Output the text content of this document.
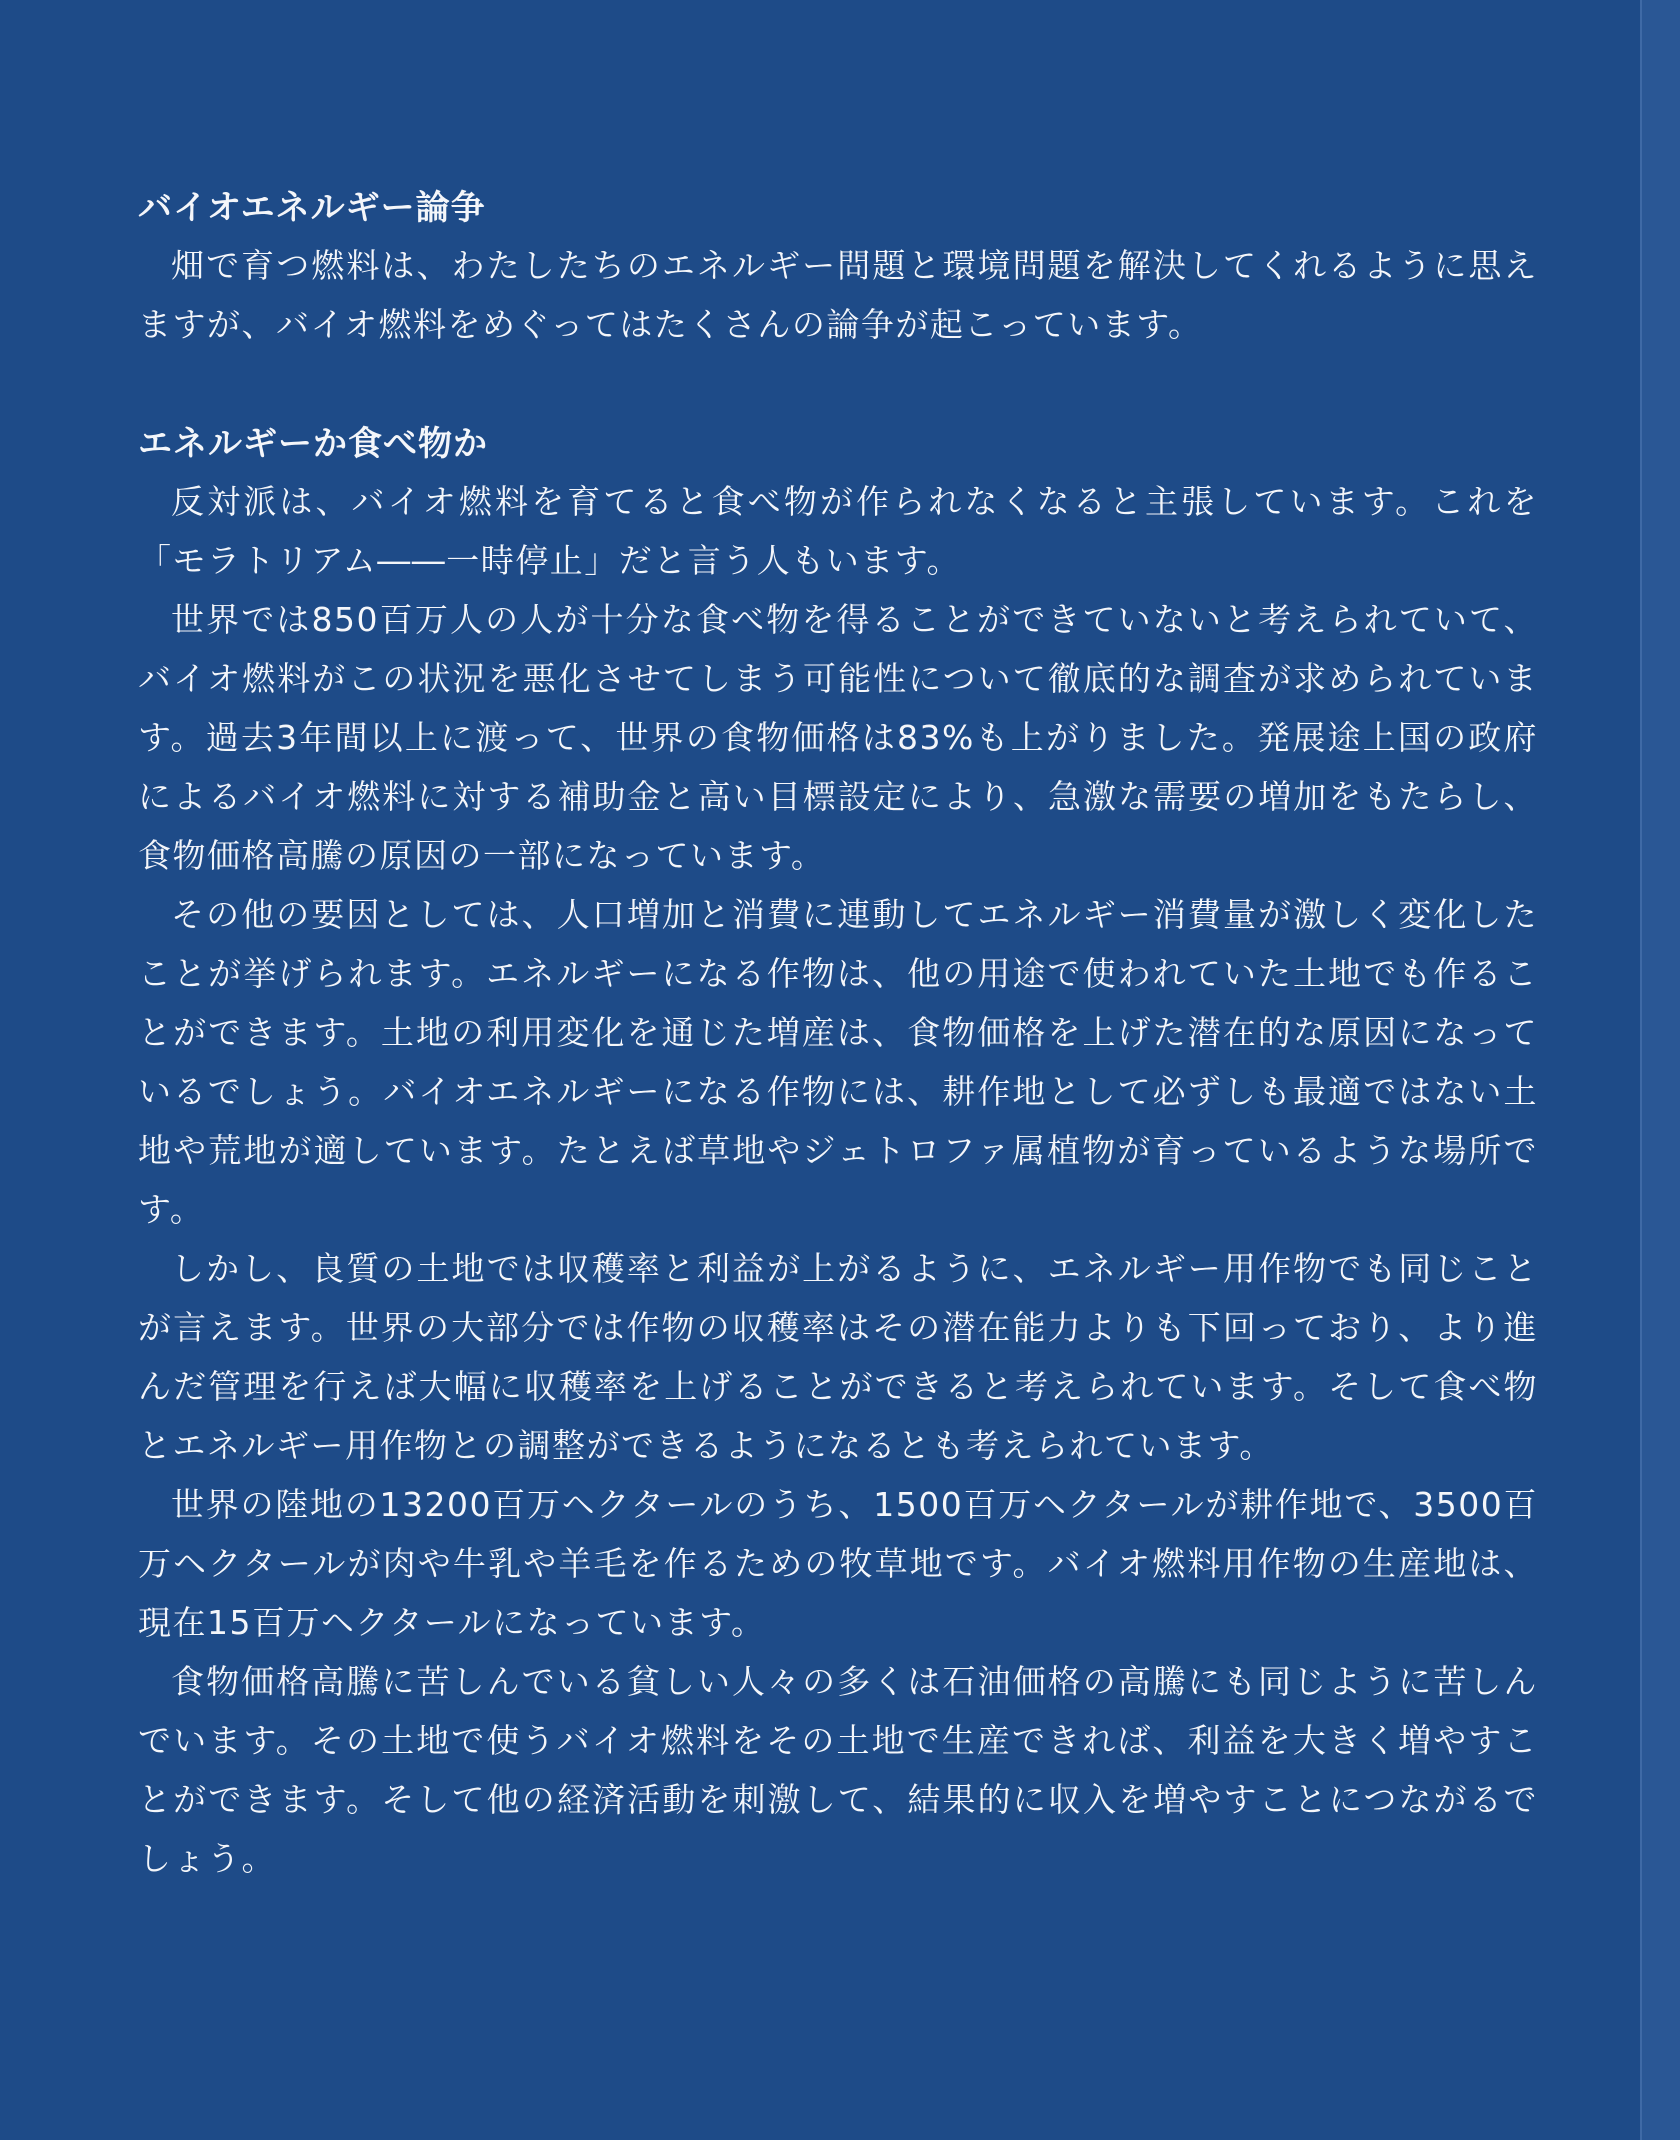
バイオエネルギー論争

畑で育つ燃料は、わたしたちのエネルギー問題と環境問題を解決してくれるように思えますが、バイオ燃料をめぐってはたくさんの論争が起こっています。

エネルギーか食べ物か

反対派は、バイオ燃料を育てると食べ物が作られなくなると主張しています。これを「モラトリアム――一時停止」だと言う人もいます。

世界では850百万人の人が十分な食べ物を得ることができていないと考えられていて、バイオ燃料がこの状況を悪化させてしまう可能性について徹底的な調査が求められています。過去3年間以上に渡って、世界の食物価格は83%も上がりました。発展途上国の政府によるバイオ燃料に対する補助金と高い目標設定により、急激な需要の増加をもたらし、食物価格高騰の原因の一部になっています。

その他の要因としては、人口増加と消費に連動してエネルギー消費量が激しく変化したことが挙げられます。エネルギーになる作物は、他の用途で使われていた土地でも作ることができます。土地の利用変化を通じた増産は、食物価格を上げた潜在的な原因になっているでしょう。バイオエネルギーになる作物には、耕作地として必ずしも最適ではない土地や荒地が適しています。たとえば草地やジェトロファ属植物が育っているような場所です。

しかし、良質の土地では収穫率と利益が上がるように、エネルギー用作物でも同じことが言えます。世界の大部分では作物の収穫率はその潜在能力よりも下回っており、より進んだ管理を行えば大幅に収穫率を上げることができると考えられています。そして食べ物とエネルギー用作物との調整ができるようになるとも考えられています。

世界の陸地の13200百万ヘクタールのうち、1500百万ヘクタールが耕作地で、3500百万ヘクタールが肉や牛乳や羊毛を作るための牧草地です。バイオ燃料用作物の生産地は、現在15百万ヘクタールになっています。

食物価格高騰に苦しんでいる貧しい人々の多くは石油価格の高騰にも同じように苦しんでいます。その土地で使うバイオ燃料をその土地で生産できれば、利益を大きく増やすことができます。そして他の経済活動を刺激して、結果的に収入を増やすことにつながるでしょう。
